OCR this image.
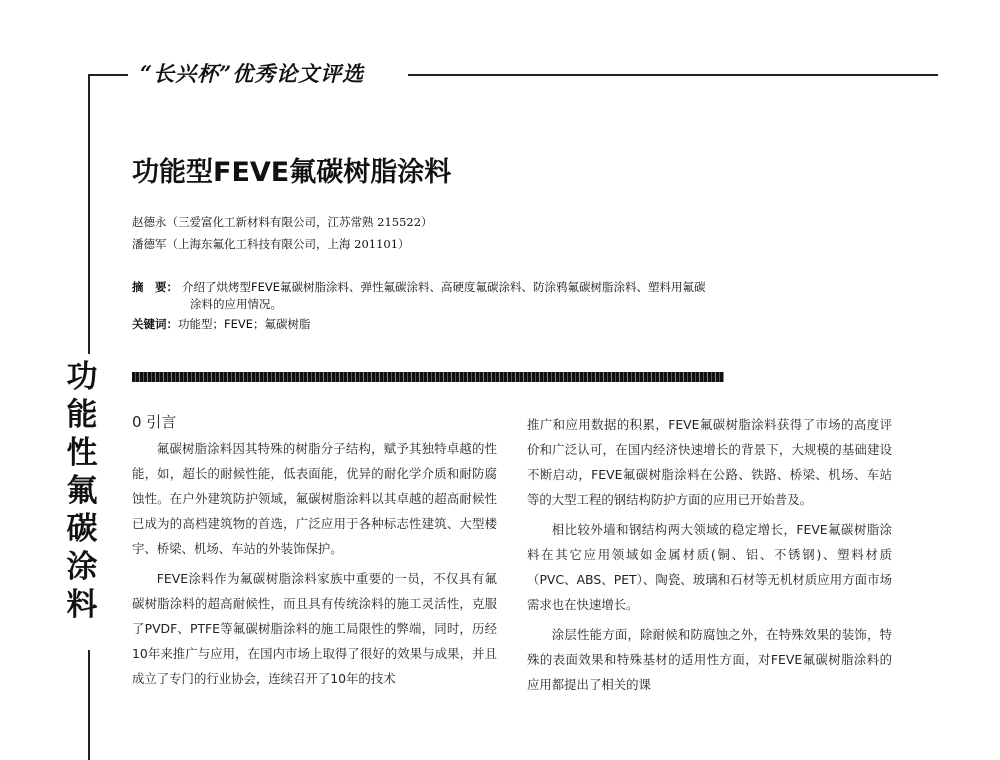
“长兴杯”优秀论文评选
功
能
性
氟
碳
涂
料
功能型FEVE氟碳树脂涂料
赵德永（三爱富化工新材料有限公司，江苏常熟 215522）
潘德军（上海东氟化工科技有限公司，上海 201101）
摘　要： 介绍了烘烤型FEVE氟碳树脂涂料、弹性氟碳涂料、高硬度氟碳涂料、防涂鸦氟碳树脂涂料、塑料用氟碳
涂料的应用情况。
关键词：功能型；FEVE；氟碳树脂
0 引言

氟碳树脂涂料因其特殊的树脂分子结构，赋予其独特卓越的性能，如，超长的耐候性能，低表面能，优异的耐化学介质和耐防腐蚀性。在户外建筑防护领域，氟碳树脂涂料以其卓越的超高耐候性已成为的高档建筑物的首选，广泛应用于各种标志性建筑、大型楼宇、桥梁、机场、车站的外装饰保护。

FEVE涂料作为氟碳树脂涂料家族中重要的一员，不仅具有氟碳树脂涂料的超高耐候性，而且具有传统涂料的施工灵活性，克服了PVDF、PTFE等氟碳树脂涂料的施工局限性的弊端，同时，历经10年来推广与应用，在国内市场上取得了很好的效果与成果，并且成立了专门的行业协会，连续召开了10年的技术

推广和应用数据的积累，FEVE氟碳树脂涂料获得了市场的高度评价和广泛认可，在国内经济快速增长的背景下，大规模的基础建设不断启动，FEVE氟碳树脂涂料在公路、铁路、桥梁、机场、车站等的大型工程的钢结构防护方面的应用已开始普及。

相比较外墙和钢结构两大领域的稳定增长，FEVE氟碳树脂涂料在其它应用领域如金属材质(铜、铝、不锈钢)、塑料材质（PVC、ABS、PET）、陶瓷、玻璃和石材等无机材质应用方面市场需求也在快速增长。

涂层性能方面，除耐候和防腐蚀之外，在特殊效果的装饰，特殊的表面效果和特殊基材的适用性方面，对FEVE氟碳树脂涂料的应用都提出了相关的课
